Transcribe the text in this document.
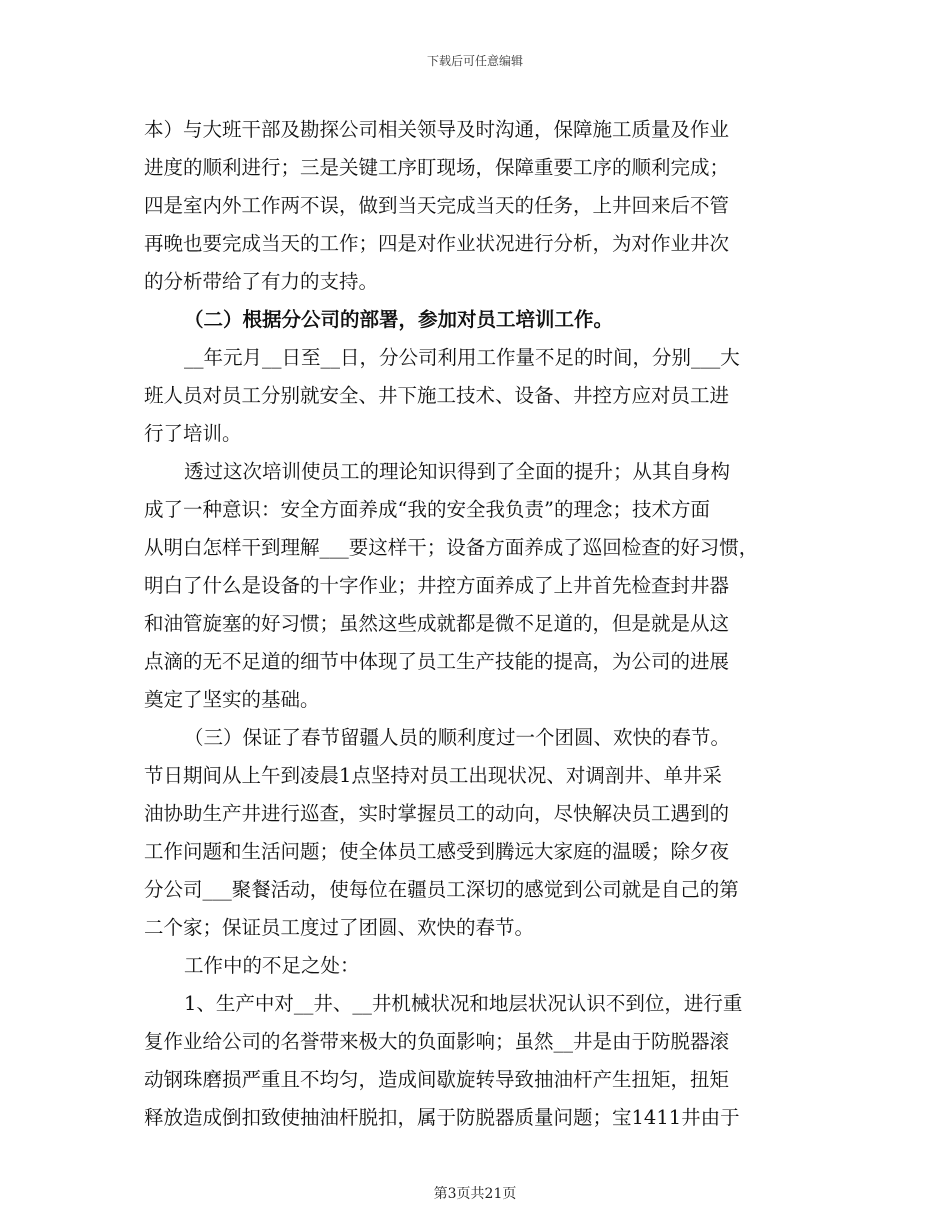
下载后可任意编辑
本）与大班干部及勘探公司相关领导及时沟通，保障施工质量及作业
进度的顺利进行；三是关键工序盯现场，保障重要工序的顺利完成；
四是室内外工作两不误，做到当天完成当天的任务，上井回来后不管
再晚也要完成当天的工作；四是对作业状况进行分析，为对作业井次
的分析带给了有力的支持。
（二）根据分公司的部署，参加对员工培训工作。
__年元月__日至__日，分公司利用工作量不足的时间，分别___大
班人员对员工分别就安全、井下施工技术、设备、井控方应对员工进
行了培训。
透过这次培训使员工的理论知识得到了全面的提升；从其自身构
成了一种意识：安全方面养成“我的安全我负责”的理念；技术方面
从明白怎样干到理解___要这样干；设备方面养成了巡回检查的好习惯，
明白了什么是设备的十字作业；井控方面养成了上井首先检查封井器
和油管旋塞的好习惯；虽然这些成就都是微不足道的，但是就是从这
点滴的无不足道的细节中体现了员工生产技能的提高，为公司的进展
奠定了坚实的基础。
（三）保证了春节留疆人员的顺利度过一个团圆、欢快的春节。
节日期间从上午到凌晨1点坚持对员工出现状况、对调剖井、单井采
油协助生产井进行巡查，实时掌握员工的动向，尽快解决员工遇到的
工作问题和生活问题；使全体员工感受到腾远大家庭的温暖；除夕夜
分公司___聚餐活动，使每位在疆员工深切的感觉到公司就是自己的第
二个家；保证员工度过了团圆、欢快的春节。
工作中的不足之处：
1、生产中对__井、__井机械状况和地层状况认识不到位，进行重
复作业给公司的名誉带来极大的负面影响；虽然__井是由于防脱器滚
动钢珠磨损严重且不均匀，造成间歇旋转导致抽油杆产生扭矩，扭矩
释放造成倒扣致使抽油杆脱扣，属于防脱器质量问题；宝1411井由于
第3页共21页
